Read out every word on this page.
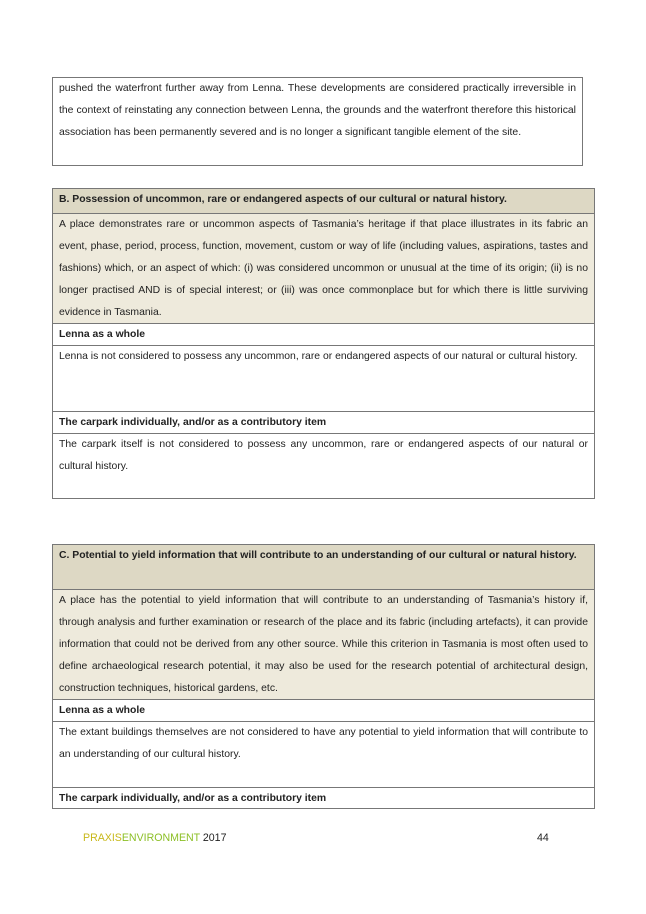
pushed the waterfront further away from Lenna. These developments are considered practically irreversible in the context of reinstating any connection between Lenna, the grounds and the waterfront therefore this historical association has been permanently severed and is no longer a significant tangible element of the site.
B. Possession of uncommon, rare or endangered aspects of our cultural or natural history.
A place demonstrates rare or uncommon aspects of Tasmania’s heritage if that place illustrates in its fabric an event, phase, period, process, function, movement, custom or way of life (including values, aspirations, tastes and fashions) which, or an aspect of which: (i) was considered uncommon or unusual at the time of its origin; (ii) is no longer practised AND is of special interest; or (iii) was once commonplace but for which there is little surviving evidence in Tasmania.
Lenna as a whole
Lenna is not considered to possess any uncommon, rare or endangered aspects of our natural or cultural history.
The carpark individually, and/or as a contributory item
The carpark itself is not considered to possess any uncommon, rare or endangered aspects of our natural or cultural history.
C. Potential to yield information that will contribute to an understanding of our cultural or natural history.
A place has the potential to yield information that will contribute to an understanding of Tasmania’s history if, through analysis and further examination or research of the place and its fabric (including artefacts), it can provide information that could not be derived from any other source. While this criterion in Tasmania is most often used to define archaeological research potential, it may also be used for the research potential of architectural design, construction techniques, historical gardens, etc.
Lenna as a whole
The extant buildings themselves are not considered to have any potential to yield information that will contribute to an understanding of our cultural history.
The carpark individually, and/or as a contributory item
PRAXISENVIRONMENT 2017	44
